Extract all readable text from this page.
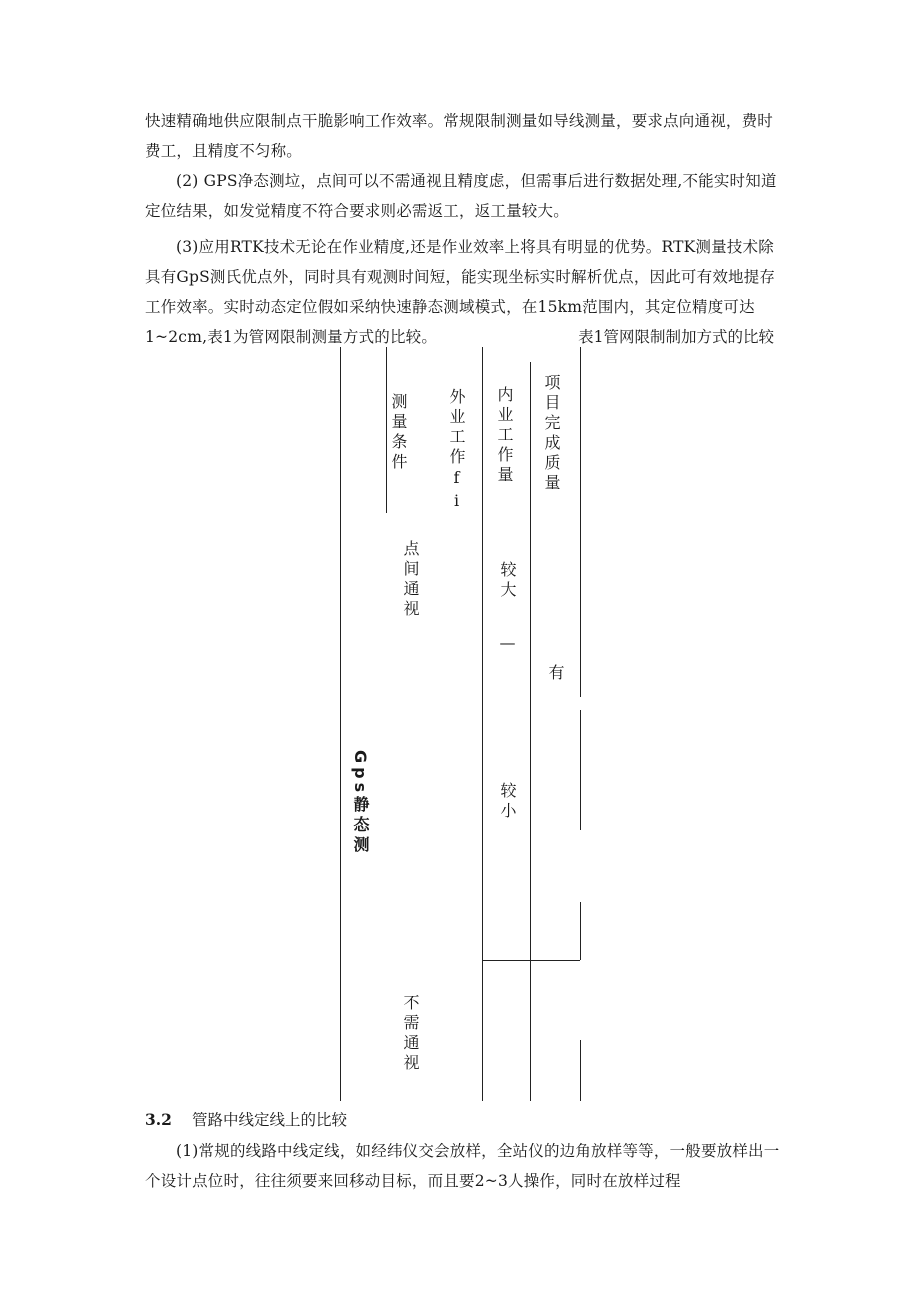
快速精确地供应限制点干脆影响工作效率。常规限制测量如导线测量，要求点向通视，费时费工，且精度不匀称。

(2) GPS净态测垃，点间可以不需通视且精度虑，但需事后进行数据处理,不能实时知道定位结果，如发觉精度不符合要求则必需返工，返工量较大。

(3)应用RTK技术无论在作业精度,还是作业效率上将具有明显的优势。RTK测量技术除具有GpS测氏优点外，同时具有观测时间短，能实现坐标实时解析优点，因此可有效地提存工作效率。实时动态定位假如采纳快速静态测域模式，在15km范围内，其定位精度可达1~2cm,表1为管网限制测量方式的比较。	表1管网限制制加方式的比较
测量条件 外业工作fi 内业工作量 项目完成质量
Gps静态测
点间通视	较大
—
有
较小
不需通视
3.2 管路中线定线上的比较

(1)常规的线路中线定线，如经纬仪交会放样，全站仪的边角放样等等，一般要放样出一个设计点位时，往往须要来回移动目标，而且要2~3人操作，同时在放样过程
